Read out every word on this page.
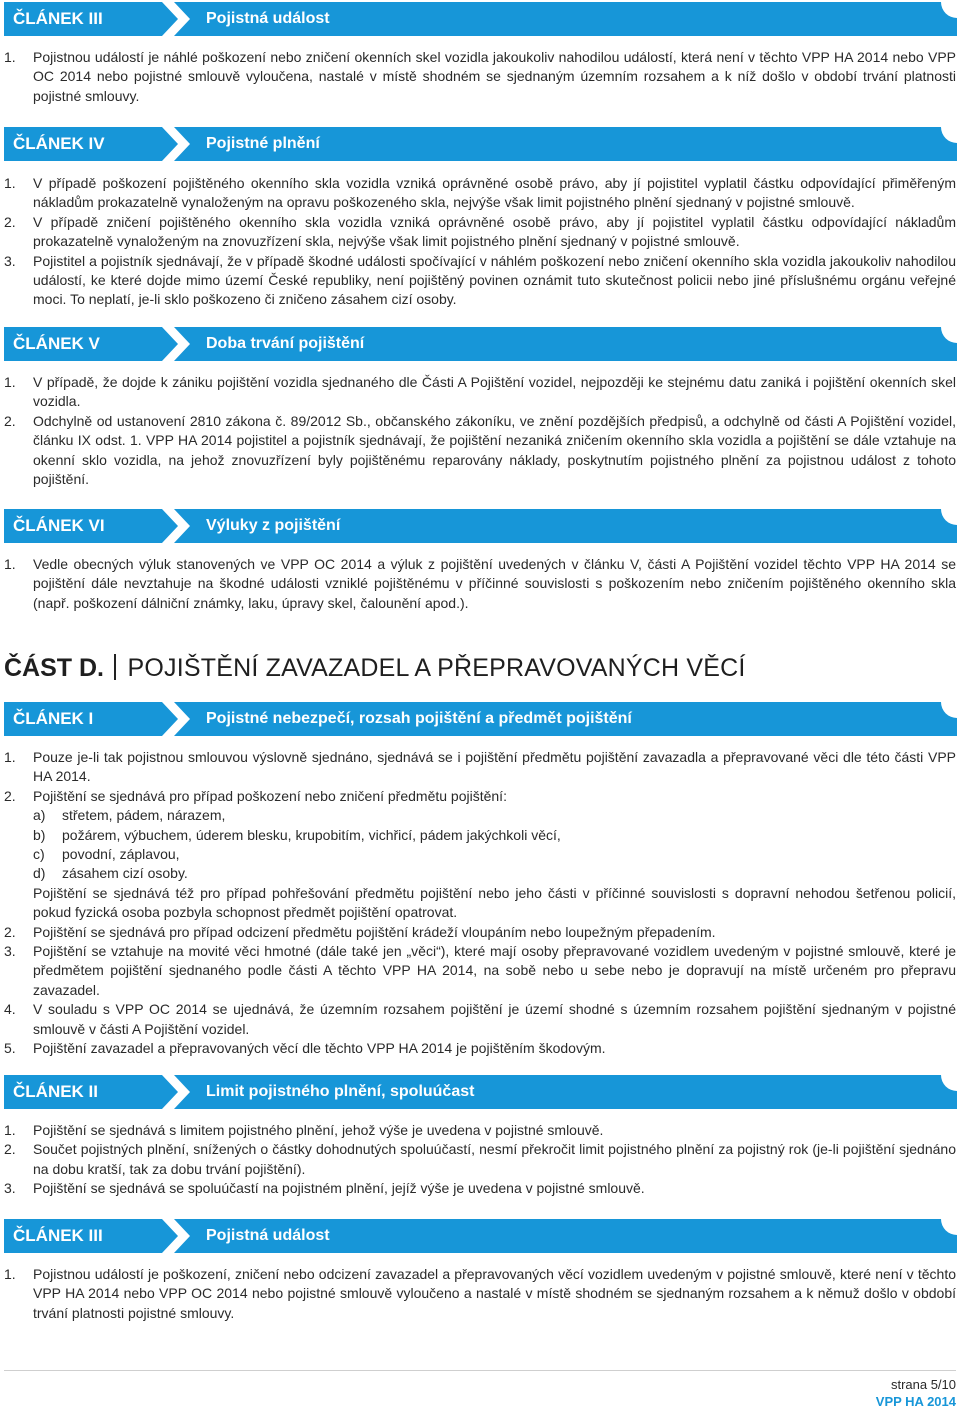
ČLÁNEK III	Pojistná událost
1. Pojistnou událostí je náhlé poškození nebo zničení okenních skel vozidla jakoukoliv nahodilou událostí, která není v těchto VPP HA 2014 nebo VPP OC 2014 nebo pojistné smlouvě vyloučena, nastalé v místě shodném se sjednaným územním rozsahem a k níž došlo v období trvání platnosti pojistné smlouvy.
ČLÁNEK IV	Pojistné plnění
1. V případě poškození pojištěného okenního skla vozidla vzniká oprávněné osobě právo, aby jí pojistitel vyplatil částku odpovídající přiměřeným nákladům prokazatelně vynaloženým na opravu poškozeného skla, nejvýše však limit pojistného plnění sjednaný v pojistné smlouvě.
2. V případě zničení pojištěného okenního skla vozidla vzniká oprávněné osobě právo, aby jí pojistitel vyplatil částku odpovídající nákladům prokazatelně vynaloženým na znovuzřízení skla, nejvýše však limit pojistného plnění sjednaný v pojistné smlouvě.
3. Pojistitel a pojistník sjednávají, že v případě škodné události spočívající v náhlém poškození nebo zničení okenního skla vozidla jakoukoliv nahodilou událostí, ke které dojde mimo území České republiky, není pojištěný povinen oznámit tuto skutečnost policii nebo jiné příslušnému orgánu veřejné moci. To neplatí, je-li sklo poškozeno či zničeno zásahem cizí osoby.
ČLÁNEK V	Doba trvání pojištění
1. V případě, že dojde k zániku pojištění vozidla sjednaného dle Části A Pojištění vozidel, nejpozději ke stejnému datu zaniká i pojištění okenních skel vozidla.
2. Odchylně od ustanovení 2810 zákona č. 89/2012 Sb., občanského zákoníku, ve znění pozdějších předpisů, a odchylně od části A Pojištění vozidel, článku IX odst. 1. VPP HA 2014 pojistitel a pojistník sjednávají, že pojištění nezaniká zničením okenního skla vozidla a pojištění se dále vztahuje na okenní sklo vozidla, na jehož znovuzřízení byly pojištěnému reparovány náklady, poskytnutím pojistného plnění za pojistnou událost z tohoto pojištění.
ČLÁNEK VI	Výluky z pojištění
1. Vedle obecných výluk stanovených ve VPP OC 2014 a výluk z pojištění uvedených v článku V, části A Pojištění vozidel těchto VPP HA 2014 se pojištění dále nevztahuje na škodné události vzniklé pojištěnému v příčinné souvislosti s poškozením nebo zničením pojištěného okenního skla (např. poškození dálniční známky, laku, úpravy skel, čalounění apod.).
ČÁST D. POJIŠTĚNÍ ZAVAZADEL A PŘEPRAVOVANÝCH VĚCÍ
ČLÁNEK I	Pojistné nebezpečí, rozsah pojištění a předmět pojištění
1. Pouze je-li tak pojistnou smlouvou výslovně sjednáno, sjednává se i pojištění předmětu pojištění zavazadla a přepravované věci dle této části VPP HA 2014.
2. Pojištění se sjednává pro případ poškození nebo zničení předmětu pojištění:
a) střetem, pádem, nárazem,
b) požárem, výbuchem, úderem blesku, krupobitím, vichřicí, pádem jakýchkoli věcí,
c) povodní, záplavou,
d) zásahem cizí osoby.
Pojištění se sjednává též pro případ pohřešování předmětu pojištění nebo jeho části v příčinné souvislosti s dopravní nehodou šetřenou policií, pokud fyzická osoba pozbyla schopnost předmět pojištění opatrovat.
2. Pojištění se sjednává pro případ odcizení předmětu pojištění krádeží vloupáním nebo loupežným přepadením.
3. Pojištění se vztahuje na movité věci hmotné (dále také jen „věci“), které mají osoby přepravované vozidlem uvedeným v pojistné smlouvě, které je předmětem pojištění sjednaného podle části A těchto VPP HA 2014, na sobě nebo u sebe nebo je dopravují na místě určeném pro přepravu zavazadel.
4. V souladu s VPP OC 2014 se ujednává, že územním rozsahem pojištění je území shodné s územním rozsahem pojištění sjednaným v pojistné smlouvě v části A Pojištění vozidel.
5. Pojištění zavazadel a přepravovaných věcí dle těchto VPP HA 2014 je pojištěním škodovým.
ČLÁNEK II	Limit pojistného plnění, spoluúčast
1. Pojištění se sjednává s limitem pojistného plnění, jehož výše je uvedena v pojistné smlouvě.
2. Součet pojistných plnění, snížených o částky dohodnutých spoluúčastí, nesmí překročit limit pojistného plnění za pojistný rok (je-li pojištění sjednáno na dobu kratší, tak za dobu trvání pojištění).
3. Pojištění se sjednává se spoluúčastí na pojistném plnění, jejíž výše je uvedena v pojistné smlouvě.
ČLÁNEK III	Pojistná událost
1. Pojistnou událostí je poškození, zničení nebo odcizení zavazadel a přepravovaných věcí vozidlem uvedeným v pojistné smlouvě, které není v těchto VPP HA 2014 nebo VPP OC 2014 nebo pojistné smlouvě vyloučeno a nastalé v místě shodném se sjednaným rozsahem a k němuž došlo v období trvání platnosti pojistné smlouvy.
strana 5/10
VPP HA 2014
